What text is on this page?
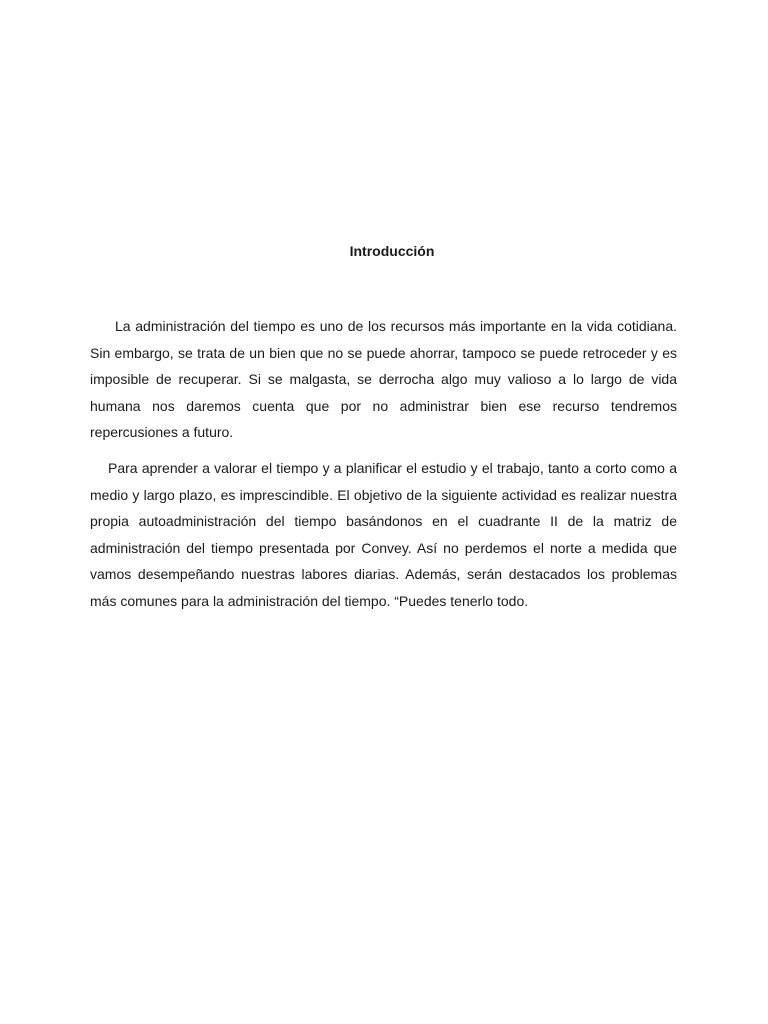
Introducción

La administración del tiempo es uno de los recursos más importante en la vida cotidiana. Sin embargo, se trata de un bien que no se puede ahorrar, tampoco se puede retroceder y es imposible de recuperar. Si se malgasta, se derrocha algo muy valioso a lo largo de vida humana nos daremos cuenta que por no administrar bien ese recurso tendremos repercusiones a futuro.

Para aprender a valorar el tiempo y a planificar el estudio y el trabajo, tanto a corto como a medio y largo plazo, es imprescindible. El objetivo de la siguiente actividad es realizar nuestra propia autoadministración del tiempo basándonos en el cuadrante II de la matriz de administración del tiempo presentada por Convey. Así no perdemos el norte a medida que vamos desempeñando nuestras labores diarias. Además, serán destacados los problemas más comunes para la administración del tiempo. “Puedes tenerlo todo.
